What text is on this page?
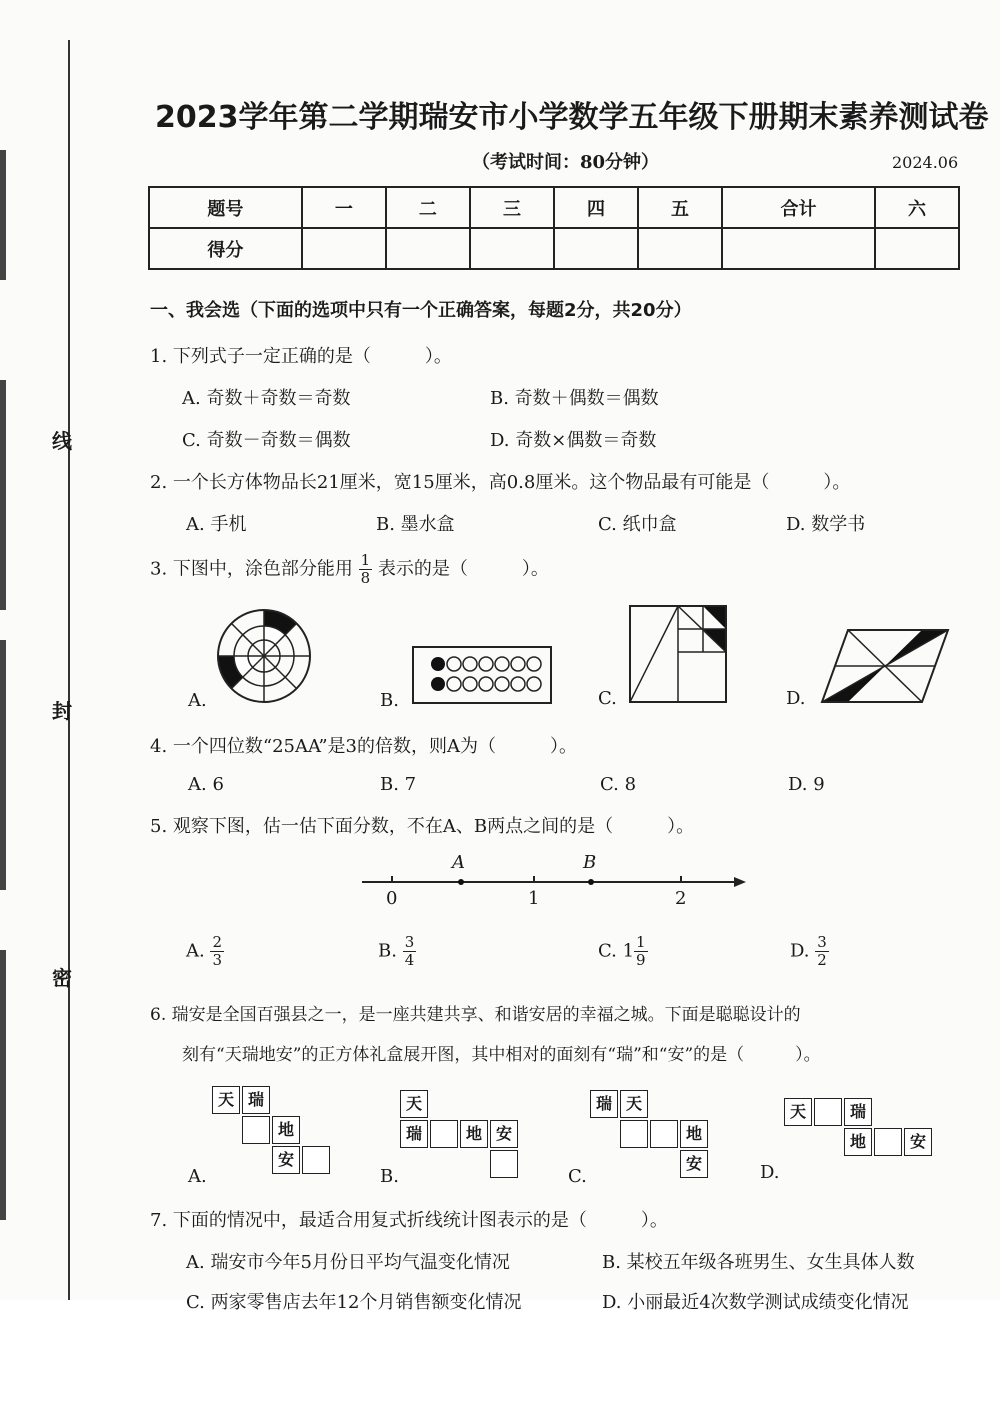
线
封
密
2023学年第二学期瑞安市小学数学五年级下册期末素养测试卷
（考试时间：80分钟）	2024.06
题号	一	二	三	四	五	合计	六
得分							
一、我会选（下面的选项中只有一个正确答案，每题2分，共20分）
1. 下列式子一定正确的是（　　　）。
A. 奇数＋奇数＝奇数	B. 奇数＋偶数＝偶数
C. 奇数－奇数＝偶数	D. 奇数×偶数＝奇数
2. 一个长方体物品长21厘米，宽15厘米，高0.8厘米。这个物品最有可能是（　　　）。
A. 手机	B. 墨水盒	C. 纸巾盒	D. 数学书
3. 下图中，涂色部分能用 $\frac{1}{8}$ 表示的是（　　　）。
A.	B.	C.	D.
4. 一个四位数“25AA”是3的倍数，则A为（　　　）。
A. 6	B. 7	C. 8	D. 9
5. 观察下图，估一估下面分数，不在A、B两点之间的是（　　　）。
A	B
0	1	2
A. $\frac{2}{3}$	B. $\frac{3}{4}$	C. $1 \frac{1}{9}$	D. $\frac{3}{2}$
6. 瑞安是全国百强县之一，是一座共建共享、和谐安居的幸福之城。下面是聪聪设计的
刻有“天瑞地安”的正方体礼盒展开图，其中相对的面刻有“瑞”和“安”的是（　　　）。
天 瑞
地
安
A.
天
瑞	地 安
B.
瑞 天
地
安
C.
天	瑞
地	安
D.
7. 下面的情况中，最适合用复式折线统计图表示的是（　　　）。
A. 瑞安市今年5月份日平均气温变化情况	B. 某校五年级各班男生、女生具体人数
C. 两家零售店去年12个月销售额变化情况	D. 小丽最近4次数学测试成绩变化情况
